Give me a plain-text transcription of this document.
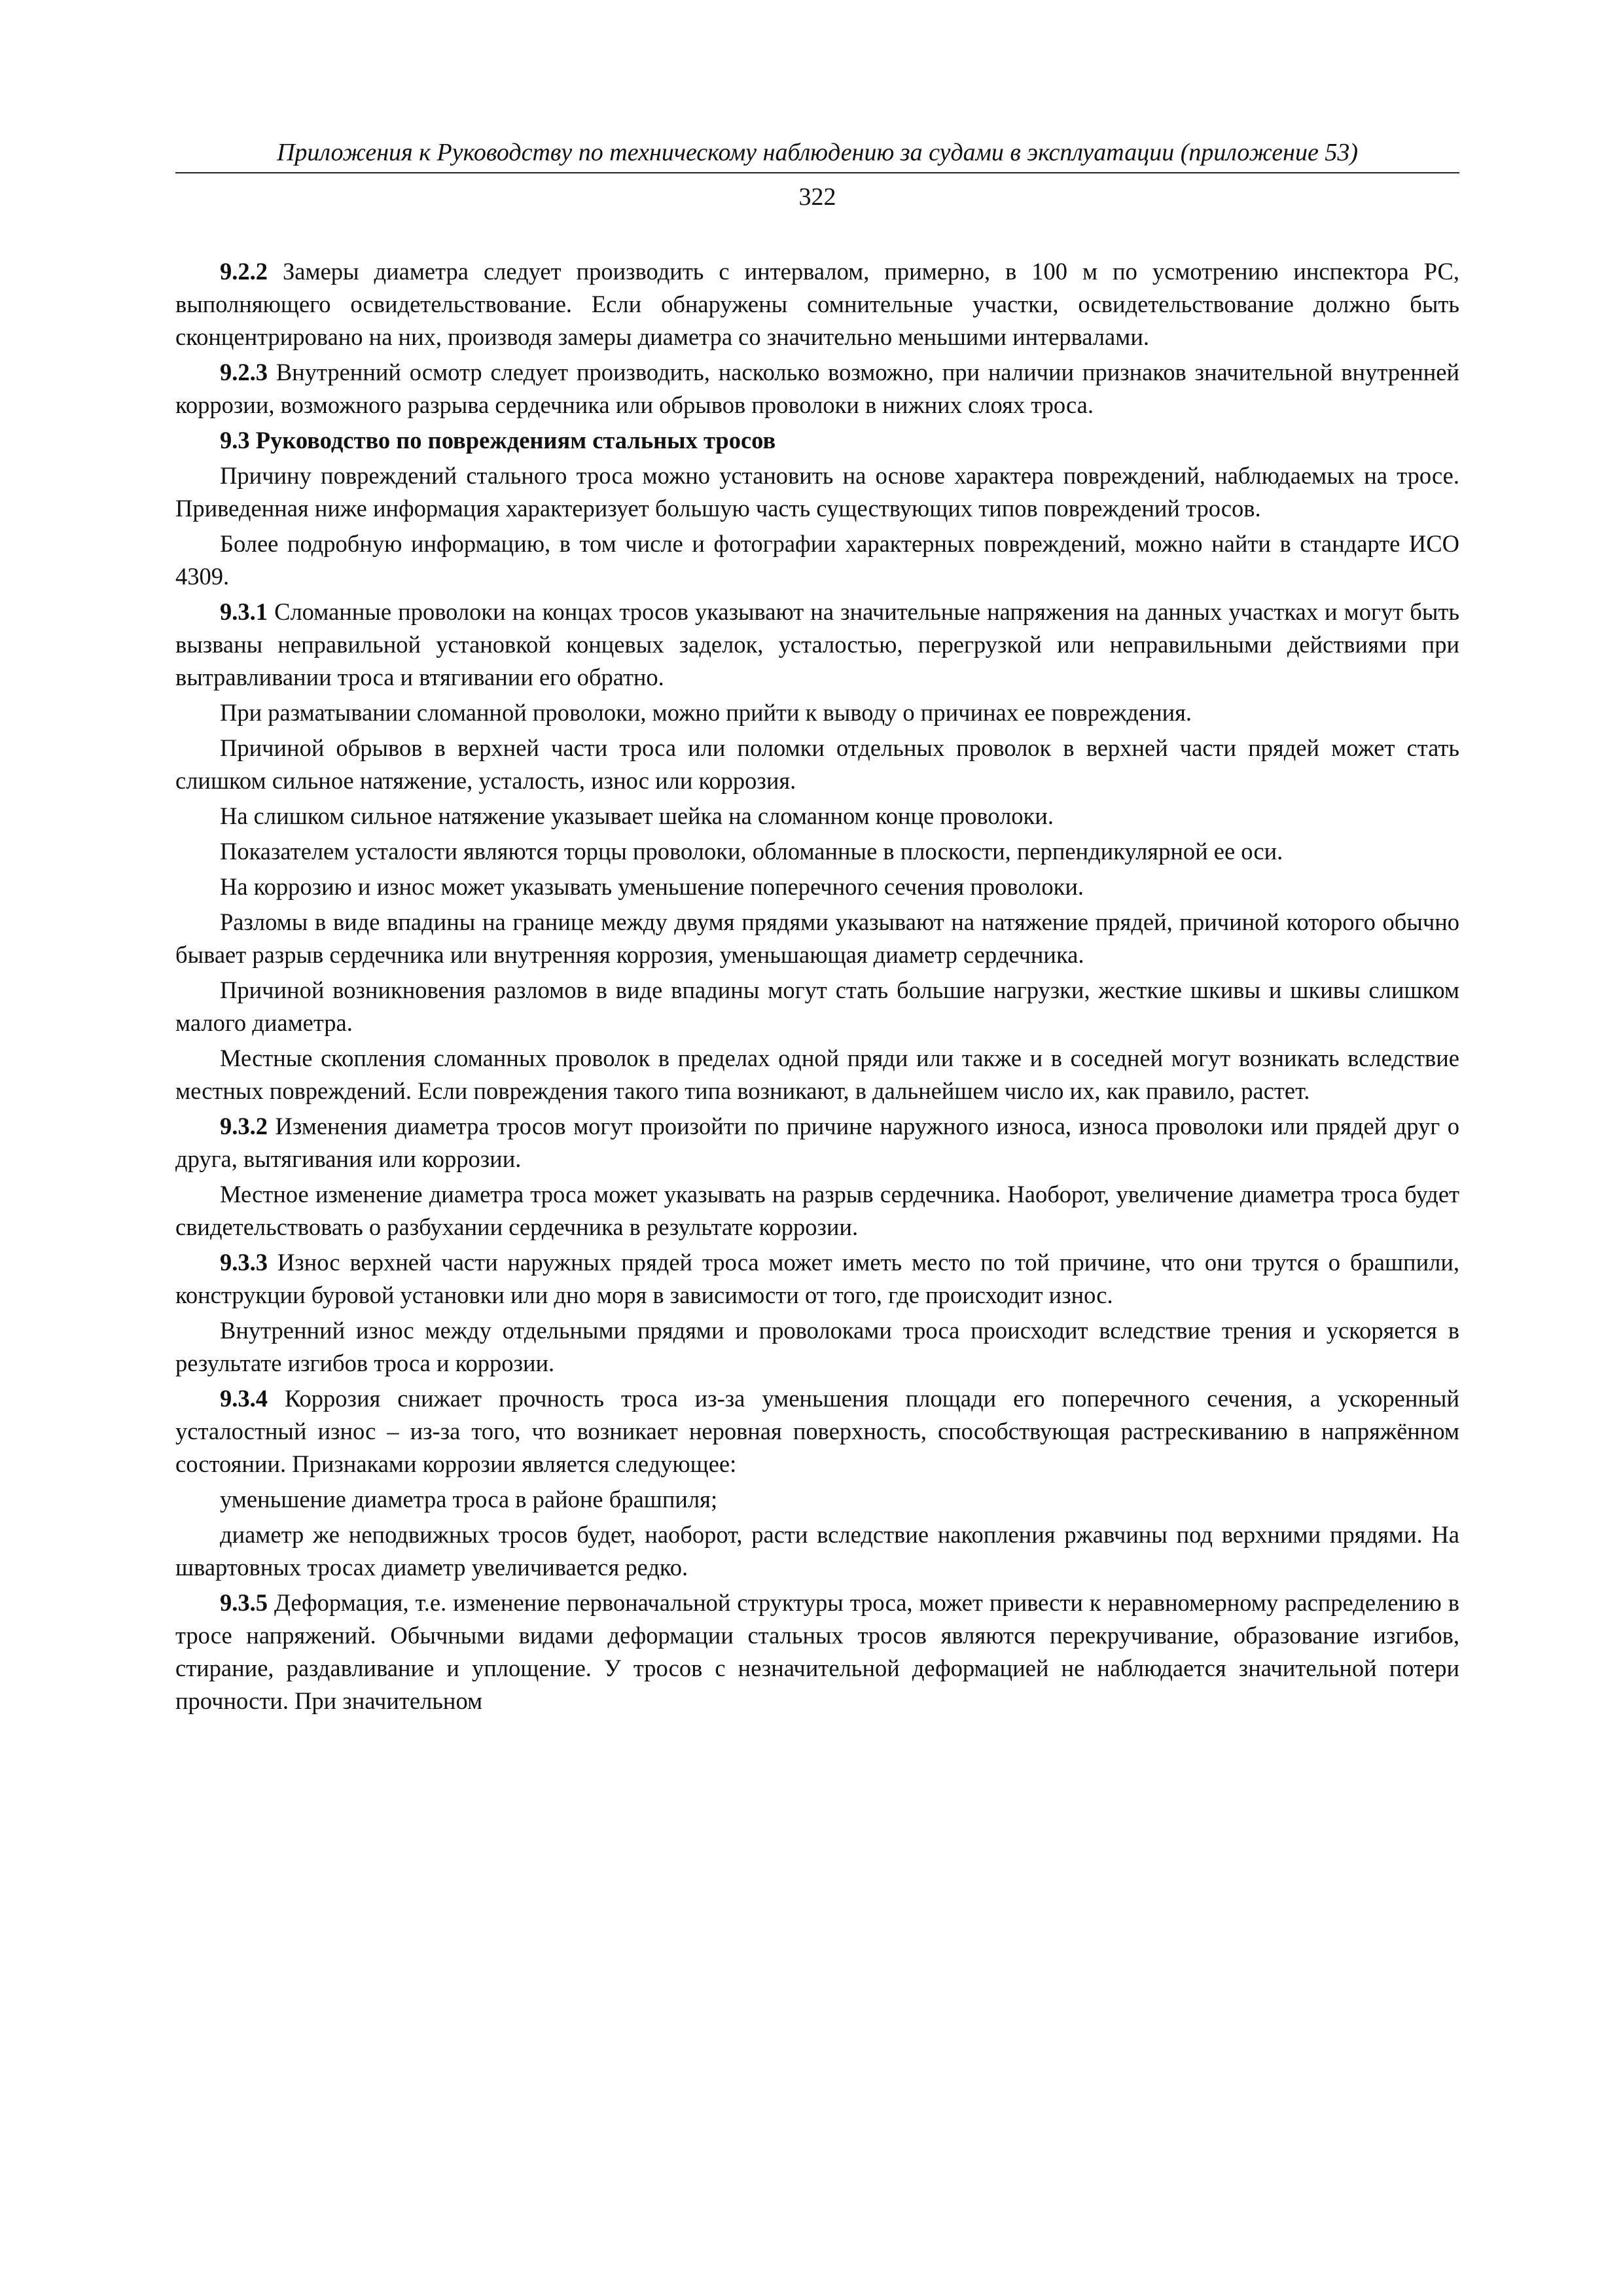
Приложения к Руководству по техническому наблюдению за судами в эксплуатации (приложение 53)
322

9.2.2 Замеры диаметра следует производить с интервалом, примерно, в 100 м по усмотрению инспектора РС, выполняющего освидетельствование. Если обнаружены сомнительные участки, освидетельствование должно быть сконцентрировано на них, производя замеры диаметра со значительно меньшими интервалами.

9.2.3 Внутренний осмотр следует производить, насколько возможно, при наличии признаков значительной внутренней коррозии, возможного разрыва сердечника или обрывов проволоки в нижних слоях троса.

9.3 Руководство по повреждениям стальных тросов

Причину повреждений стального троса можно установить на основе характера повреждений, наблюдаемых на тросе. Приведенная ниже информация характеризует большую часть существующих типов повреждений тросов.

Более подробную информацию, в том числе и фотографии характерных повреждений, можно найти в стандарте ИСО 4309.

9.3.1 Сломанные проволоки на концах тросов указывают на значительные напряжения на данных участках и могут быть вызваны неправильной установкой концевых заделок, усталостью, перегрузкой или неправильными действиями при вытравливании троса и втягивании его обратно.

При разматывании сломанной проволоки, можно прийти к выводу о причинах ее повреждения.

Причиной обрывов в верхней части троса или поломки отдельных проволок в верхней части прядей может стать слишком сильное натяжение, усталость, износ или коррозия.

На слишком сильное натяжение указывает шейка на сломанном конце проволоки.

Показателем усталости являются торцы проволоки, обломанные в плоскости, перпендикулярной ее оси.

На коррозию и износ может указывать уменьшение поперечного сечения проволоки.

Разломы в виде впадины на границе между двумя прядями указывают на натяжение прядей, причиной которого обычно бывает разрыв сердечника или внутренняя коррозия, уменьшающая диаметр сердечника.

Причиной возникновения разломов в виде впадины могут стать большие нагрузки, жесткие шкивы и шкивы слишком малого диаметра.

Местные скопления сломанных проволок в пределах одной пряди или также и в соседней могут возникать вследствие местных повреждений. Если повреждения такого типа возникают, в дальнейшем число их, как правило, растет.

9.3.2 Изменения диаметра тросов могут произойти по причине наружного износа, износа проволоки или прядей друг о друга, вытягивания или коррозии.

Местное изменение диаметра троса может указывать на разрыв сердечника. Наоборот, увеличение диаметра троса будет свидетельствовать о разбухании сердечника в результате коррозии.

9.3.3 Износ верхней части наружных прядей троса может иметь место по той причине, что они трутся о брашпили, конструкции буровой установки или дно моря в зависимости от того, где происходит износ.

Внутренний износ между отдельными прядями и проволоками троса происходит вследствие трения и ускоряется в результате изгибов троса и коррозии.

9.3.4 Коррозия снижает прочность троса из-за уменьшения площади его поперечного сечения, а ускоренный усталостный износ – из-за того, что возникает неровная поверхность, способствующая растрескиванию в напряжённом состоянии. Признаками коррозии является следующее:

уменьшение диаметра троса в районе брашпиля;

диаметр же неподвижных тросов будет, наоборот, расти вследствие накопления ржавчины под верхними прядями. На швартовных тросах диаметр увеличивается редко.

9.3.5 Деформация, т.е. изменение первоначальной структуры троса, может привести к неравномерному распределению в тросе напряжений. Обычными видами деформации стальных тросов являются перекручивание, образование изгибов, стирание, раздавливание и уплощение. У тросов с незначительной деформацией не наблюдается значительной потери прочности. При значительном
